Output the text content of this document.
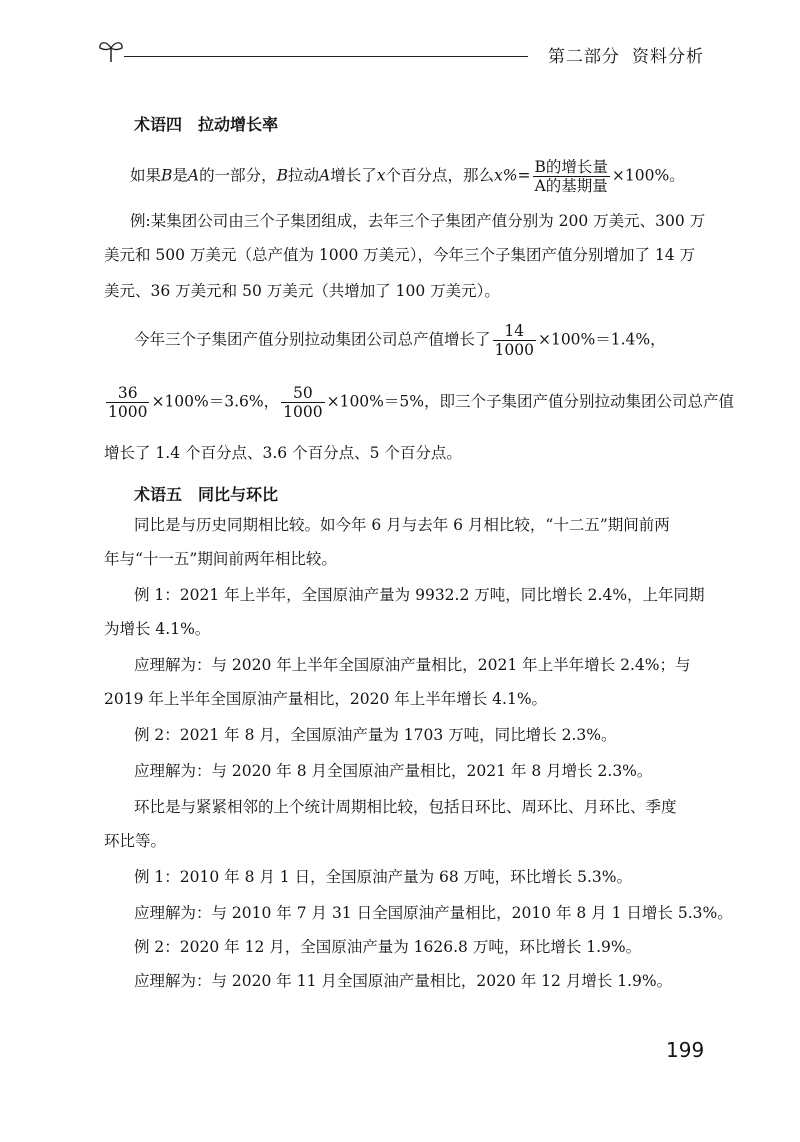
第二部分 资料分析
术语四　拉动增长率
如果B是A的一部分，B拉动A增长了x个百分点，那么$x\%= \frac{\text{B的增长量}}{\text{A的基期量}} \times 100\%$。
例:某集团公司由三个子集团组成，去年三个子集团产值分别为 200 万美元、300 万
美元和 500 万美元（总产值为 1000 万美元），今年三个子集团产值分别增加了 14 万
美元、36 万美元和 50 万美元（共增加了 100 万美元）。
今年三个子集团产值分别拉动集团公司总产值增长了 $\frac{14}{1000} \times 100\%=1.4\%$，
$\frac{36}{1000} \times 100\%=3.6\%$， $\frac{50}{1000} \times 100\%=5\%$，即三个子集团产值分别拉动集团公司总产值
增长了 1.4 个百分点、3.6 个百分点、5 个百分点。
术语五　同比与环比
同比是与历史同期相比较。如今年 6 月与去年 6 月相比较，“十二五”期间前两
年与“十一五”期间前两年相比较。
例 1：2021 年上半年，全国原油产量为 9932.2 万吨，同比增长 2.4%，上年同期
为增长 4.1%。
应理解为：与 2020 年上半年全国原油产量相比，2021 年上半年增长 2.4%；与
2019 年上半年全国原油产量相比，2020 年上半年增长 4.1%。
例 2：2021 年 8 月，全国原油产量为 1703 万吨，同比增长 2.3%。
应理解为：与 2020 年 8 月全国原油产量相比，2021 年 8 月增长 2.3%。
环比是与紧紧相邻的上个统计周期相比较，包括日环比、周环比、月环比、季度
环比等。
例 1：2010 年 8 月 1 日，全国原油产量为 68 万吨，环比增长 5.3%。
应理解为：与 2010 年 7 月 31 日全国原油产量相比，2010 年 8 月 1 日增长 5.3%。
例 2：2020 年 12 月，全国原油产量为 1626.8 万吨，环比增长 1.9%。
应理解为：与 2020 年 11 月全国原油产量相比，2020 年 12 月增长 1.9%。
199
